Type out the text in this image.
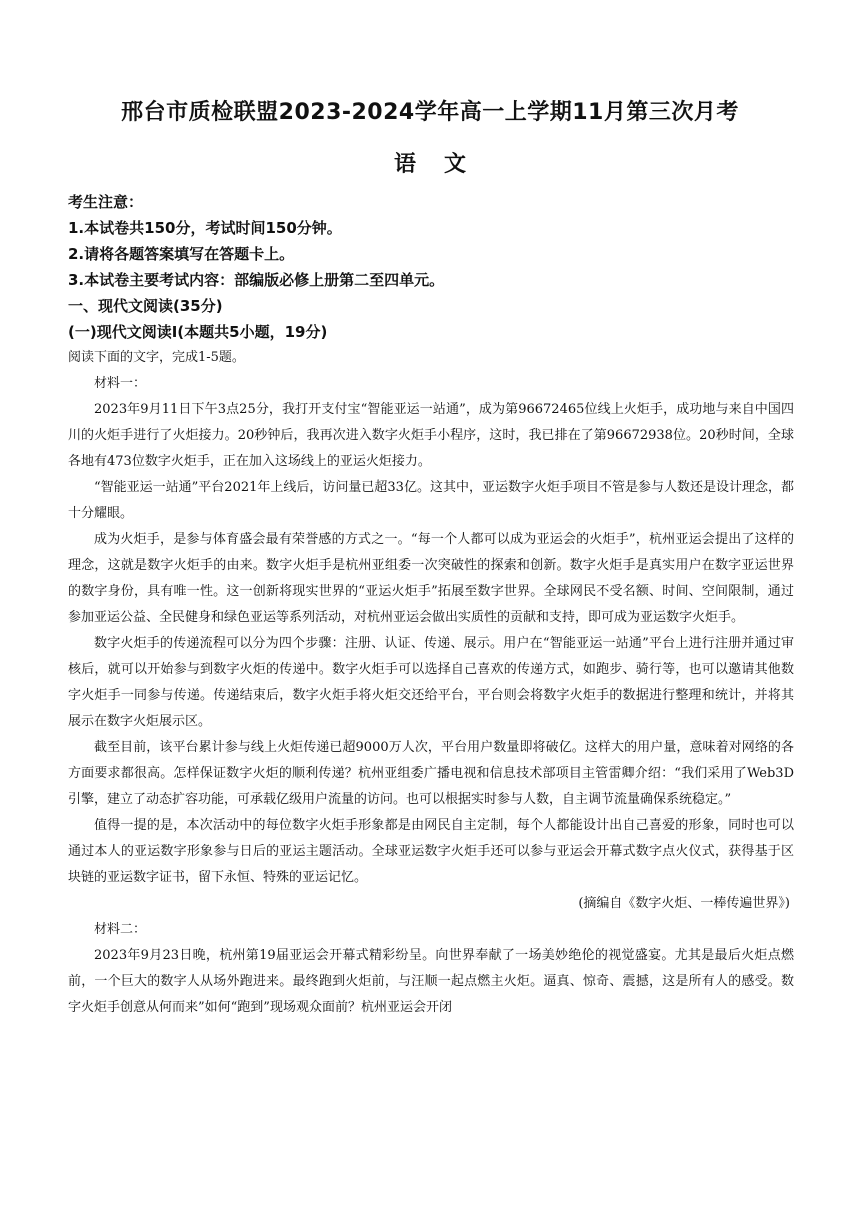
邢台市质检联盟2023-2024学年高一上学期11月第三次月考
语文
考生注意：
1.本试卷共150分，考试时间150分钟。
2.请将各题答案填写在答题卡上。
3.本试卷主要考试内容：部编版必修上册第二至四单元。
一、现代文阅读(35分)
(一)现代文阅读Ⅰ(本题共5小题，19分)
阅读下面的文字，完成1-5题。
材料一：

2023年9月11日下午3点25分，我打开支付宝“智能亚运一站通”，成为第96672465位线上火炬手，成功地与来自中国四川的火炬手进行了火炬接力。20秒钟后，我再次进入数字火炬手小程序，这时，我已排在了第96672938位。20秒时间，全球各地有473位数字火炬手，正在加入这场线上的亚运火炬接力。

“智能亚运一站通”平台2021年上线后，访问量已超33亿。这其中，亚运数字火炬手项目不管是参与人数还是设计理念，都十分耀眼。

成为火炬手，是参与体育盛会最有荣誉感的方式之一。“每一个人都可以成为亚运会的火炬手”，杭州亚运会提出了这样的理念，这就是数字火炬手的由来。数字火炬手是杭州亚组委一次突破性的探索和创新。数字火炬手是真实用户在数字亚运世界的数字身份，具有唯一性。这一创新将现实世界的“亚运火炬手”拓展至数字世界。全球网民不受名额、时间、空间限制，通过参加亚运公益、全民健身和绿色亚运等系列活动，对杭州亚运会做出实质性的贡献和支持，即可成为亚运数字火炬手。

数字火炬手的传递流程可以分为四个步骤：注册、认证、传递、展示。用户在“智能亚运一站通”平台上进行注册并通过审核后，就可以开始参与到数字火炬的传递中。数字火炬手可以选择自己喜欢的传递方式，如跑步、骑行等，也可以邀请其他数字火炬手一同参与传递。传递结束后，数字火炬手将火炬交还给平台，平台则会将数字火炬手的数据进行整理和统计，并将其展示在数字火炬展示区。

截至目前，该平台累计参与线上火炬传递已超9000万人次，平台用户数量即将破亿。这样大的用户量，意味着对网络的各方面要求都很高。怎样保证数字火炬的顺利传递？杭州亚组委广播电视和信息技术部项目主管雷卿介绍：“我们采用了Web3D引擎，建立了动态扩容功能，可承载亿级用户流量的访问。也可以根据实时参与人数，自主调节流量确保系统稳定。”

值得一提的是，本次活动中的每位数字火炬手形象都是由网民自主定制，每个人都能设计出自己喜爱的形象，同时也可以通过本人的亚运数字形象参与日后的亚运主题活动。全球亚运数字火炬手还可以参与亚运会开幕式数字点火仪式，获得基于区块链的亚运数字证书，留下永恒、特殊的亚运记忆。

(摘编自《数字火炬、一棒传遍世界》)
材料二：

2023年9月23日晚，杭州第19届亚运会开幕式精彩纷呈。向世界奉献了一场美妙绝伦的视觉盛宴。尤其是最后火炬点燃前，一个巨大的数字人从场外跑进来。最终跑到火炬前，与汪顺一起点燃主火炬。逼真、惊奇、震撼，这是所有人的感受。数字火炬手创意从何而来”如何“跑到”现场观众面前？杭州亚运会开闭
